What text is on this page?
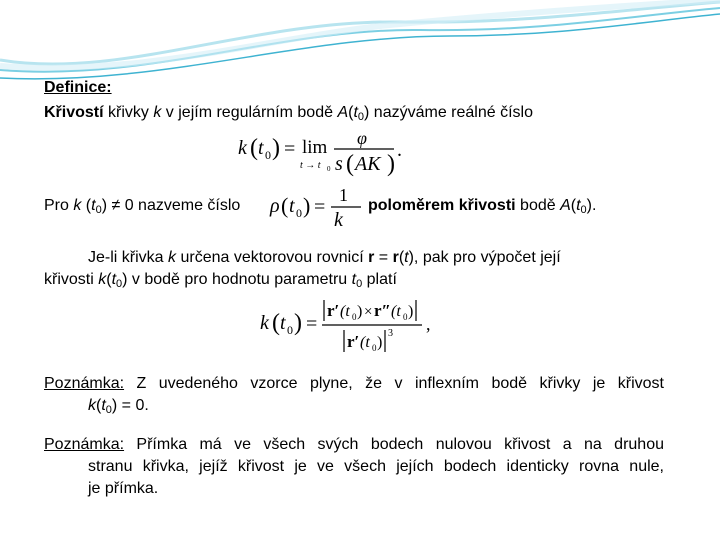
Definice:
Křivostí křivky k v jejím regulárním bodě $A(t_0)$ nazýváme reálné číslo
k ( t 0 ) = lim
t → t 0
φ
s ( AK )
.
Pro k $(t_0) \ne 0$ nazveme číslo ρ ( t 0 ) =
1
k
poloměrem křivosti bodě $A(t_0)$.
Je-li křivka k určena vektorovou rovnicí r = r(t), pak pro výpočet její
křivosti $k(t_0)$ v bodě pro hodnotu parametru $t_0$ platí
k ( t 0 ) =
r′ (t 0 ) × r″ (t 0 )
r′ (t 0 )
3 ,
Poznámka: Z uvedeného vzorce plyne, že v inflexním bodě křivky je křivost
$k(t_0) = 0$.
Poznámka: Přímka má ve všech svých bodech nulovou křivost a na druhou
stranu křivka, jejíž křivost je ve všech jejích bodech identicky rovna nule,
je přímka.
